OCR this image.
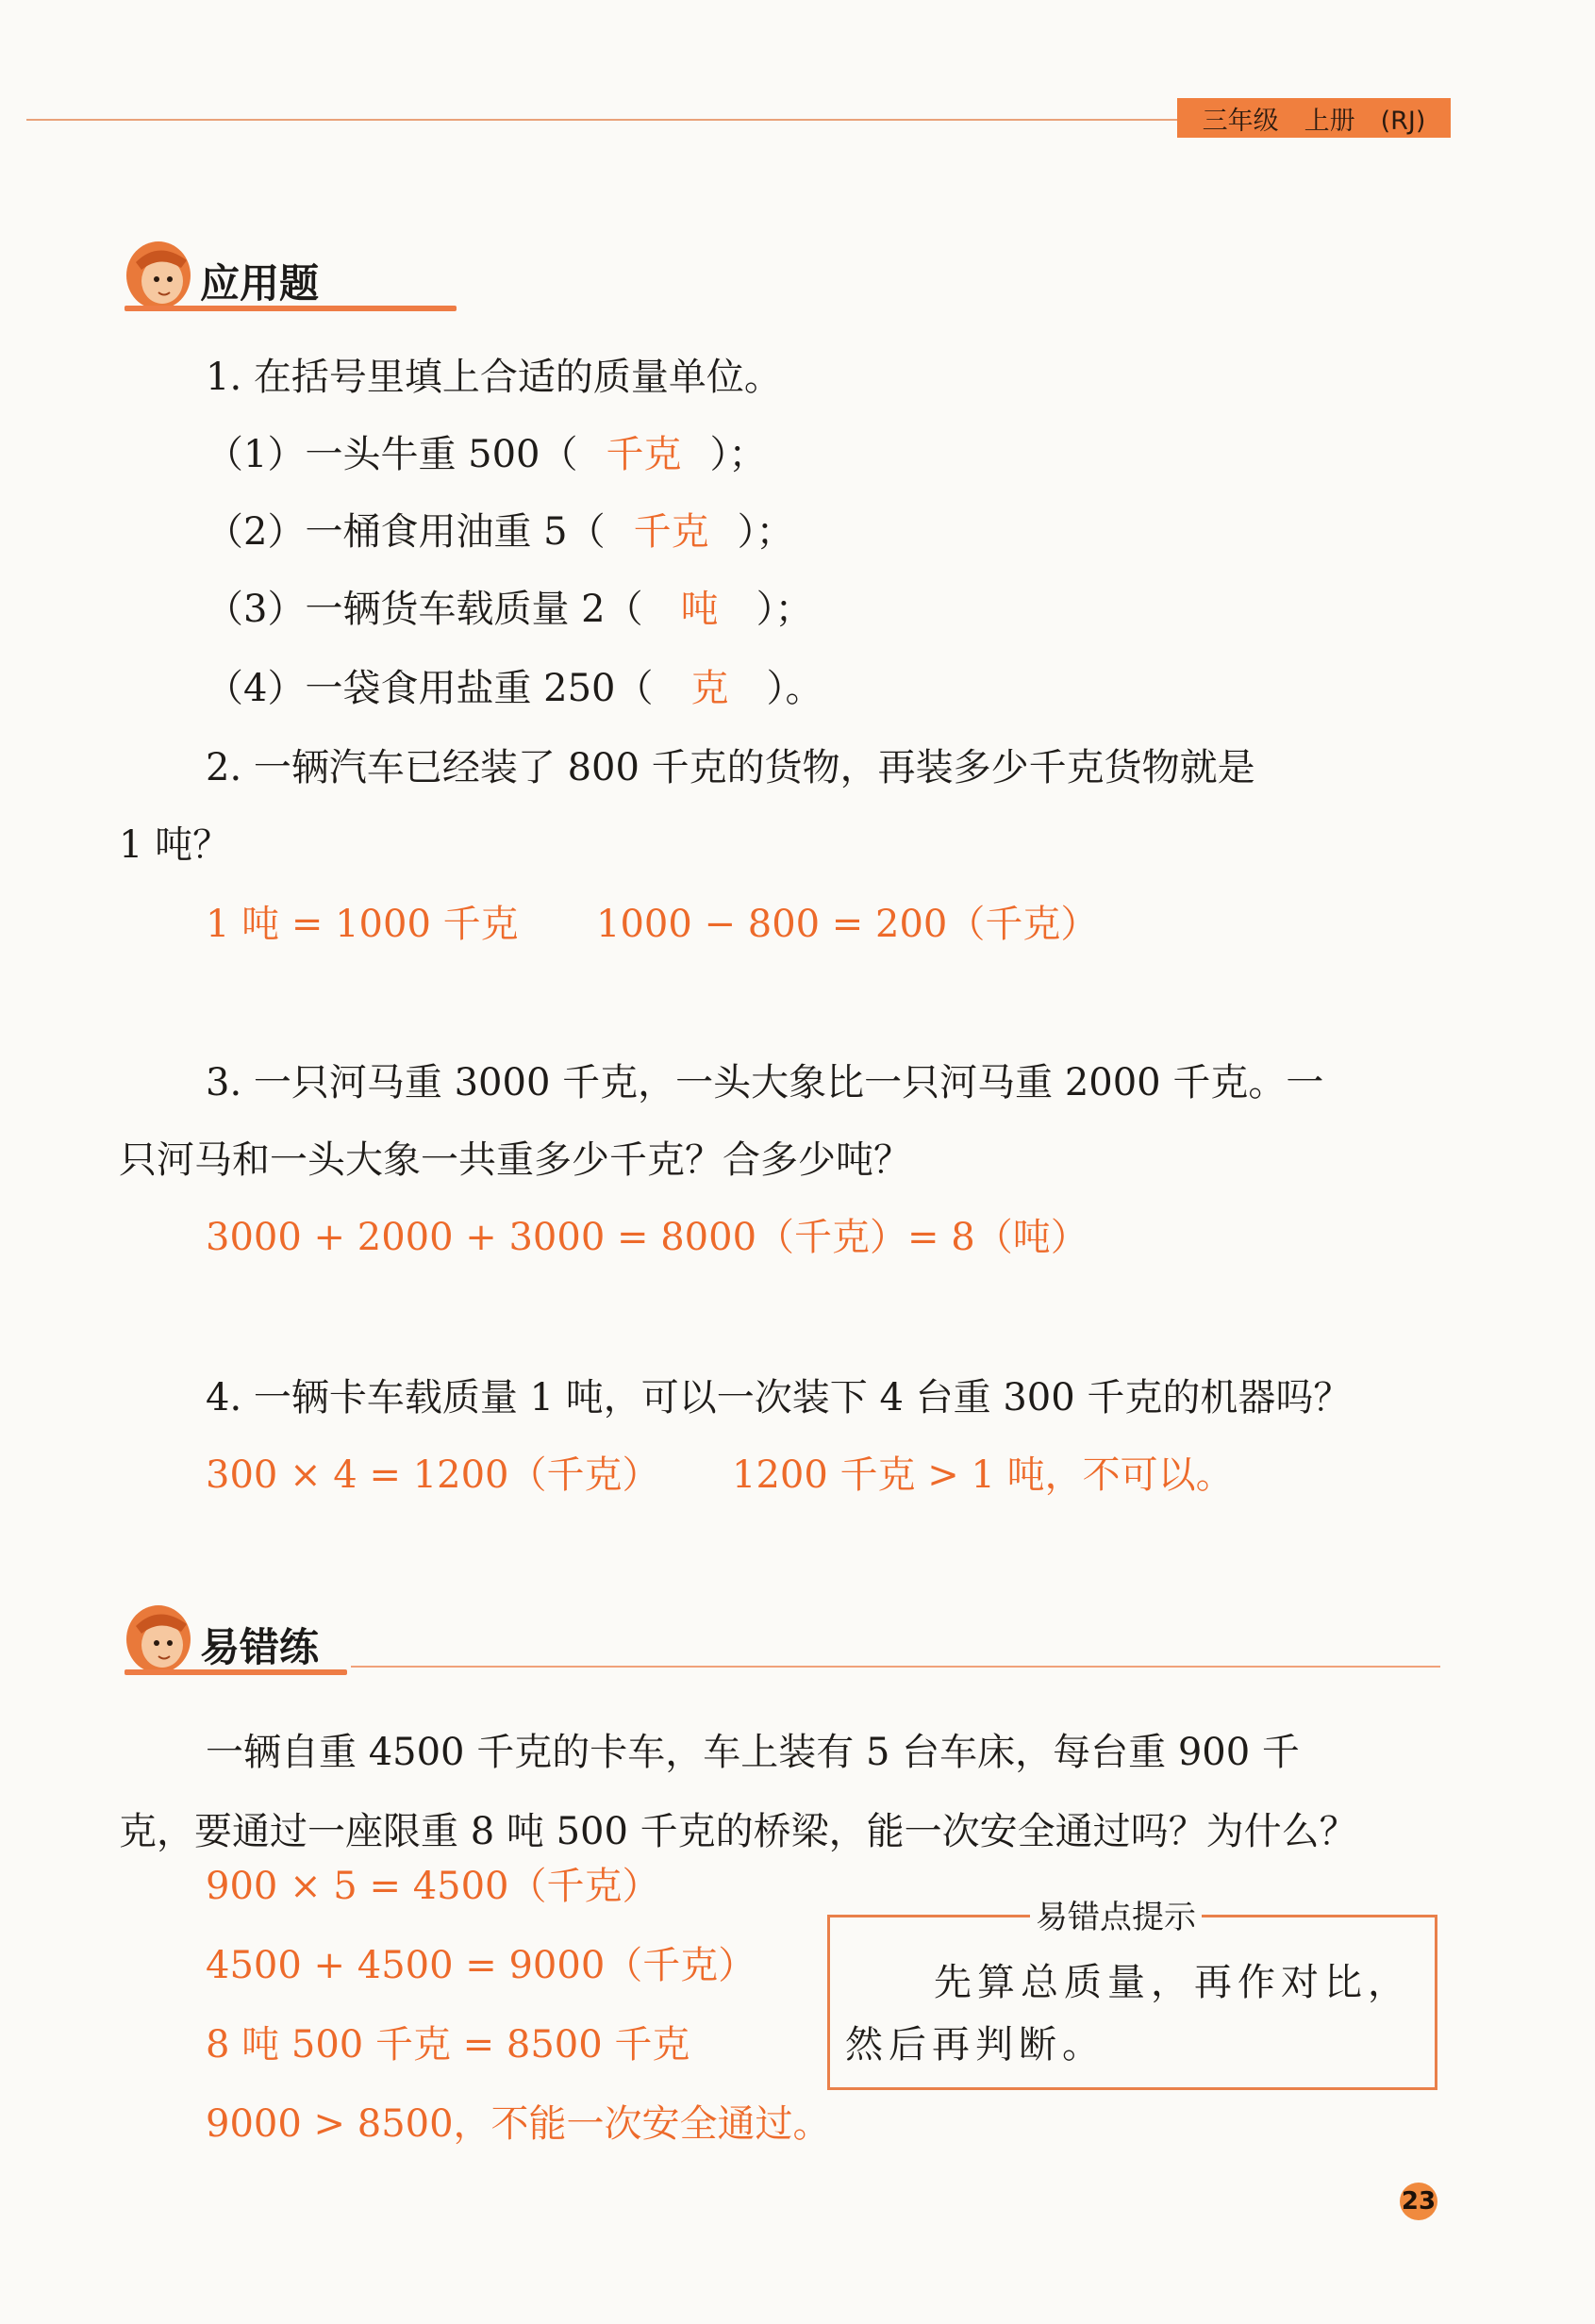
三年级　上册　(RJ)
应用题
1. 在括号里填上合适的质量单位。
（1）一头牛重 500（ 千克 ）；
（2）一桶食用油重 5（ 千克 ）；
（3）一辆货车载质量 2（ 吨 ）；
（4）一袋食用盐重 250（ 克 ）。
2. 一辆汽车已经装了 800 千克的货物，再装多少千克货物就是
1 吨？
1 吨 = 1000 千克 1000 − 800 = 200（千克）
3. 一只河马重 3000 千克，一头大象比一只河马重 2000 千克。一
只河马和一头大象一共重多少千克？合多少吨？
3000 + 2000 + 3000 = 8000（千克）= 8（吨）
4. 一辆卡车载质量 1 吨，可以一次装下 4 台重 300 千克的机器吗？
300 × 4 = 1200（千克） 1200 千克 > 1 吨，不可以。
易错练
一辆自重 4500 千克的卡车，车上装有 5 台车床，每台重 900 千
克，要通过一座限重 8 吨 500 千克的桥梁，能一次安全通过吗？为什么？
900 × 5 = 4500（千克）
4500 + 4500 = 9000（千克）
8 吨 500 千克 = 8500 千克
9000 > 8500，不能一次安全通过。
易错点提示
先算总质量，再作对比，
然后再判断。
23
